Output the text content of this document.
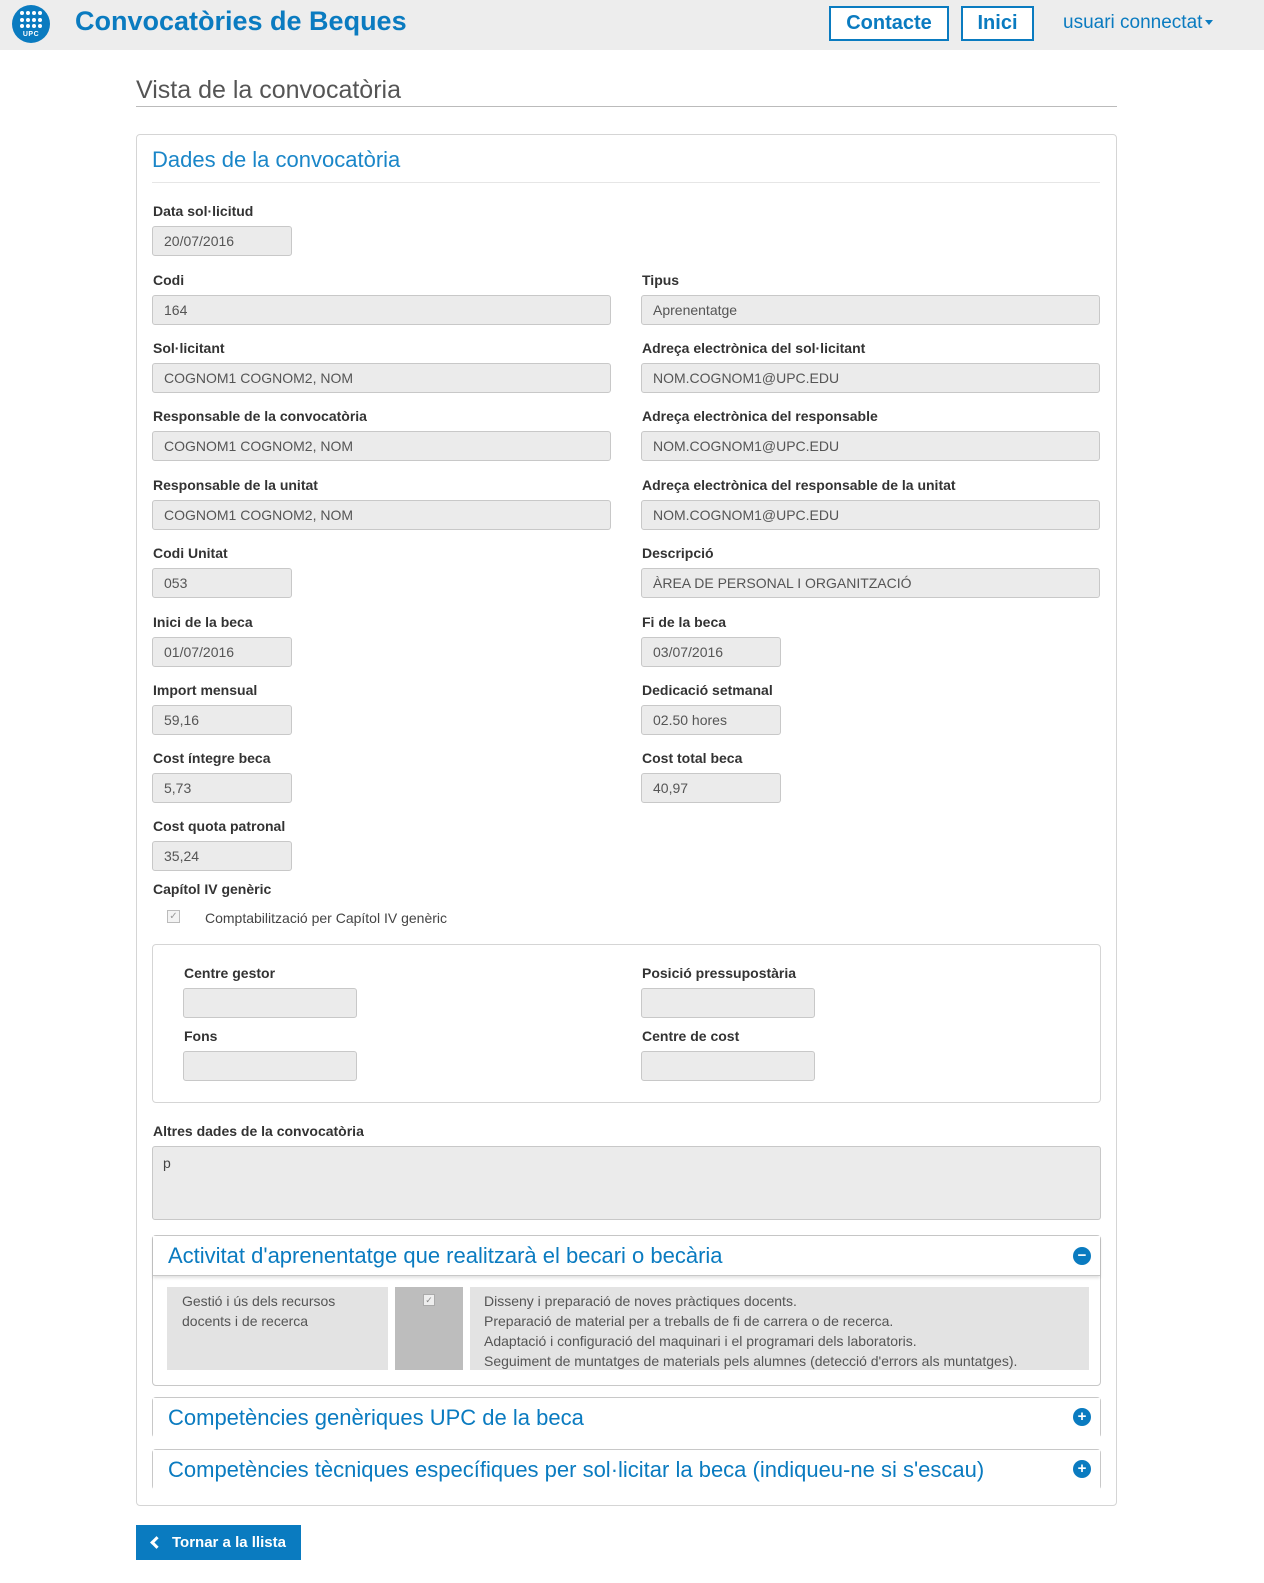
UPC	Convocatòries de Beques	Contacte	Inici	usuari connectat
Vista de la convocatòria
Dades de la convocatòria
Data sol·licitud
20/07/2016
Codi
164
Tipus
Aprenentatge
Sol·licitant
COGNOM1 COGNOM2, NOM
Adreça electrònica del sol·licitant
NOM.COGNOM1@UPC.EDU
Responsable de la convocatòria
COGNOM1 COGNOM2, NOM
Adreça electrònica del responsable
NOM.COGNOM1@UPC.EDU
Responsable de la unitat
COGNOM1 COGNOM2, NOM
Adreça electrònica del responsable de la unitat
NOM.COGNOM1@UPC.EDU
Codi Unitat
053
Descripció
ÀREA DE PERSONAL I ORGANITZACIÓ
Inici de la beca
01/07/2016
Fi de la beca
03/07/2016
Import mensual
59,16
Dedicació setmanal
02.50 hores
Cost íntegre beca
5,73
Cost total beca
40,97
Cost quota patronal
35,24
Capítol IV genèric
✓ Comptabilització per Capítol IV genèric
Centre gestor	Posició pressupostària
Fons	Centre de cost
Altres dades de la convocatòria
p
Activitat d'aprenentatge que realitzarà el becari o becària	−
Gestió i ús dels recursos docents i de recerca
✓	Disseny i preparació de noves pràctiques docents.
Preparació de material per a treballs de fi de carrera o de recerca.
Adaptació i configuració del maquinari i el programari dels laboratoris.
Seguiment de muntatges de materials pels alumnes (detecció d'errors als muntatges).
Competències genèriques UPC de la beca	+
Competències tècniques específiques per sol·licitar la beca (indiqueu-ne si s'escau)	+
Tornar a la llista
